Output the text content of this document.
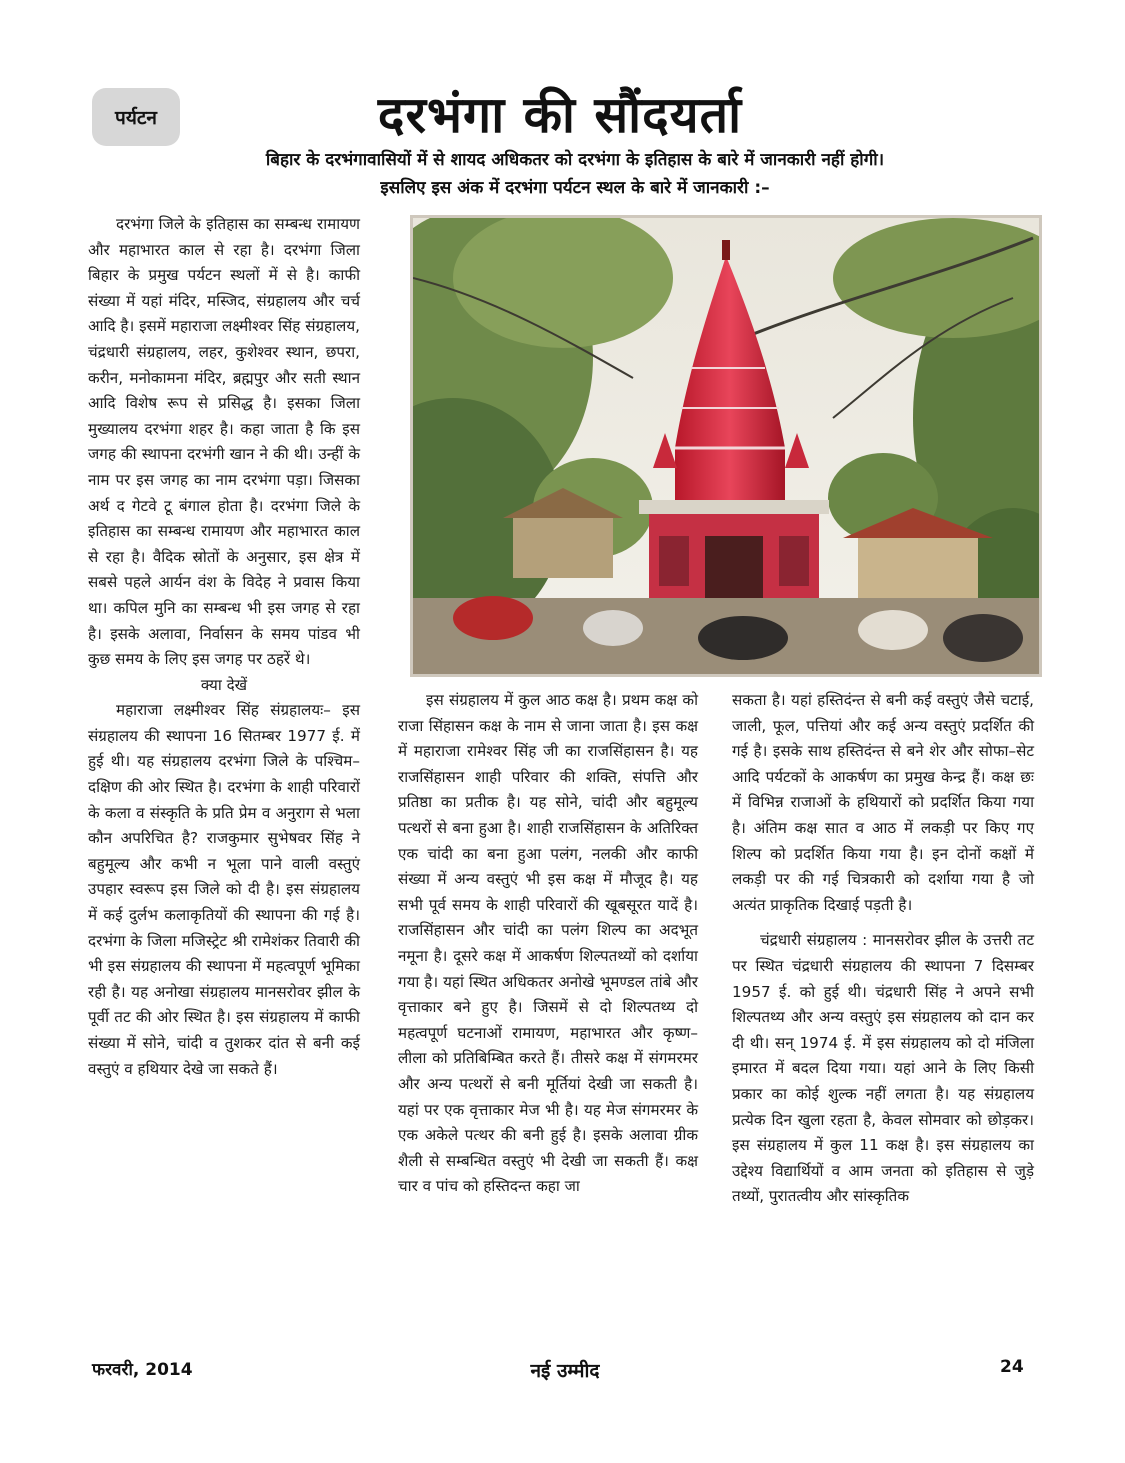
पर्यटन	दरभंगा की सौंदयर्ता
बिहार के दरभंगावासियों में से शायद अधिकतर को दरभंगा के इतिहास के बारे में जानकारी नहीं होगी।
इसलिए इस अंक में दरभंगा पर्यटन स्थल के बारे में जानकारी :–

दरभंगा जिले के इतिहास का सम्बन्ध रामायण और महाभारत काल से रहा है। दरभंगा जिला बिहार के प्रमुख पर्यटन स्थलों में से है। काफी संख्या में यहां मंदिर, मस्जिद, संग्रहालय और चर्च आदि है। इसमें महाराजा लक्ष्मीश्वर सिंह संग्रहालय, चंद्रधारी संग्रहालय, लहर, कुशेश्वर स्थान, छपरा, करीन, मनोकामना मंदिर, ब्रह्मपुर और सती स्थान आदि विशेष रूप से प्रसिद्ध है। इसका जिला मुख्यालय दरभंगा शहर है। कहा जाता है कि इस जगह की स्थापना दरभंगी खान ने की थी। उन्हीं के नाम पर इस जगह का नाम दरभंगा पड़ा। जिसका अर्थ द गेटवे टू बंगाल होता है। दरभंगा जिले के इतिहास का सम्बन्ध रामायण और महाभारत काल से रहा है। वैदिक स्रोतों के अनुसार, इस क्षेत्र में सबसे पहले आर्यन वंश के विदेह ने प्रवास किया था। कपिल मुनि का सम्बन्ध भी इस जगह से रहा है। इसके अलावा, निर्वासन के समय पांडव भी कुछ समय के लिए इस जगह पर ठहरें थे।

क्या देखें

महाराजा लक्ष्मीश्वर सिंह संग्रहालयः– इस संग्रहालय की स्थापना 16 सितम्बर 1977 ई. में हुई थी। यह संग्रहालय दरभंगा जिले के पश्चिम–दक्षिण की ओर स्थित है। दरभंगा के शाही परिवारों के कला व संस्कृति के प्रति प्रेम व अनुराग से भला कौन अपरिचित है? राजकुमार सुभेषवर सिंह ने बहुमूल्य और कभी न भूला पाने वाली वस्तुएं उपहार स्वरूप इस जिले को दी है। इस संग्रहालय में कई दुर्लभ कलाकृतियों की स्थापना की गई है। दरभंगा के जिला मजिस्ट्रेट श्री रामेशंकर तिवारी की भी इस संग्रहालय की स्थापना में महत्वपूर्ण भूमिका रही है। यह अनोखा संग्रहालय मानसरोवर झील के पूर्वी तट की ओर स्थित है। इस संग्रहालय में काफी संख्या में सोने, चांदी व तुशकर दांत से बनी कई वस्तुएं व हथियार देखे जा सकते हैं।

इस संग्रहालय में कुल आठ कक्ष है। प्रथम कक्ष को राजा सिंहासन कक्ष के नाम से जाना जाता है। इस कक्ष में महाराजा रामेश्वर सिंह जी का राजसिंहासन है। यह राजसिंहासन शाही परिवार की शक्ति, संपत्ति और प्रतिष्ठा का प्रतीक है। यह सोने, चांदी और बहुमूल्य पत्थरों से बना हुआ है। शाही राजसिंहासन के अतिरिक्त एक चांदी का बना हुआ पलंग, नलकी और काफी संख्या में अन्य वस्तुएं भी इस कक्ष में मौजूद है। यह सभी पूर्व समय के शाही परिवारों की खूबसूरत यादें है। राजसिंहासन और चांदी का पलंग शिल्प का अदभूत नमूना है। दूसरे कक्ष में आकर्षण शिल्पतथ्यों को दर्शाया गया है। यहां स्थित अधिकतर अनोखे भूमण्डल तांबे और वृत्ताकार बने हुए है। जिसमें से दो शिल्पतथ्य दो महत्वपूर्ण घटनाओं रामायण, महाभारत और कृष्ण–लीला को प्रतिबिम्बित करते हैं। तीसरे कक्ष में संगमरमर और अन्य पत्थरों से बनी मूर्तियां देखी जा सकती है। यहां पर एक वृत्ताकार मेज भी है। यह मेज संगमरमर के एक अकेले पत्थर की बनी हुई है। इसके अलावा ग्रीक शैली से सम्बन्धित वस्तुएं भी देखी जा सकती हैं। कक्ष चार व पांच को हस्तिदन्त कहा जा

सकता है। यहां हस्तिदंन्त से बनी कई वस्तुएं जैसे चटाई, जाली, फूल, पत्तियां और कई अन्य वस्तुएं प्रदर्शित की गई है। इसके साथ हस्तिदंन्त से बने शेर और सोफा–सेट आदि पर्यटकों के आकर्षण का प्रमुख केन्द्र हैं। कक्ष छः में विभिन्न राजाओं के हथियारों को प्रदर्शित किया गया है। अंतिम कक्ष सात व आठ में लकड़ी पर किए गए शिल्प को प्रदर्शित किया गया है। इन दोनों कक्षों में लकड़ी पर की गई चित्रकारी को दर्शाया गया है जो अत्यंत प्राकृतिक दिखाई पड़ती है।

चंद्रधारी संग्रहालय : मानसरोवर झील के उत्तरी तट पर स्थित चंद्रधारी संग्रहालय की स्थापना 7 दिसम्बर 1957 ई. को हुई थी। चंद्रधारी सिंह ने अपने सभी शिल्पतथ्य और अन्य वस्तुएं इस संग्रहालय को दान कर दी थी। सन् 1974 ई. में इस संग्रहालय को दो मंजिला इमारत में बदल दिया गया। यहां आने के लिए किसी प्रकार का कोई शुल्क नहीं लगता है। यह संग्रहालय प्रत्येक दिन खुला रहता है, केवल सोमवार को छोड़कर। इस संग्रहालय में कुल 11 कक्ष है। इस संग्रहालय का उद्देश्य विद्यार्थियों व आम जनता को इतिहास से जुड़े तथ्यों, पुरातत्वीय और सांस्कृतिक

फरवरी, 2014	नई उम्मीद	24
